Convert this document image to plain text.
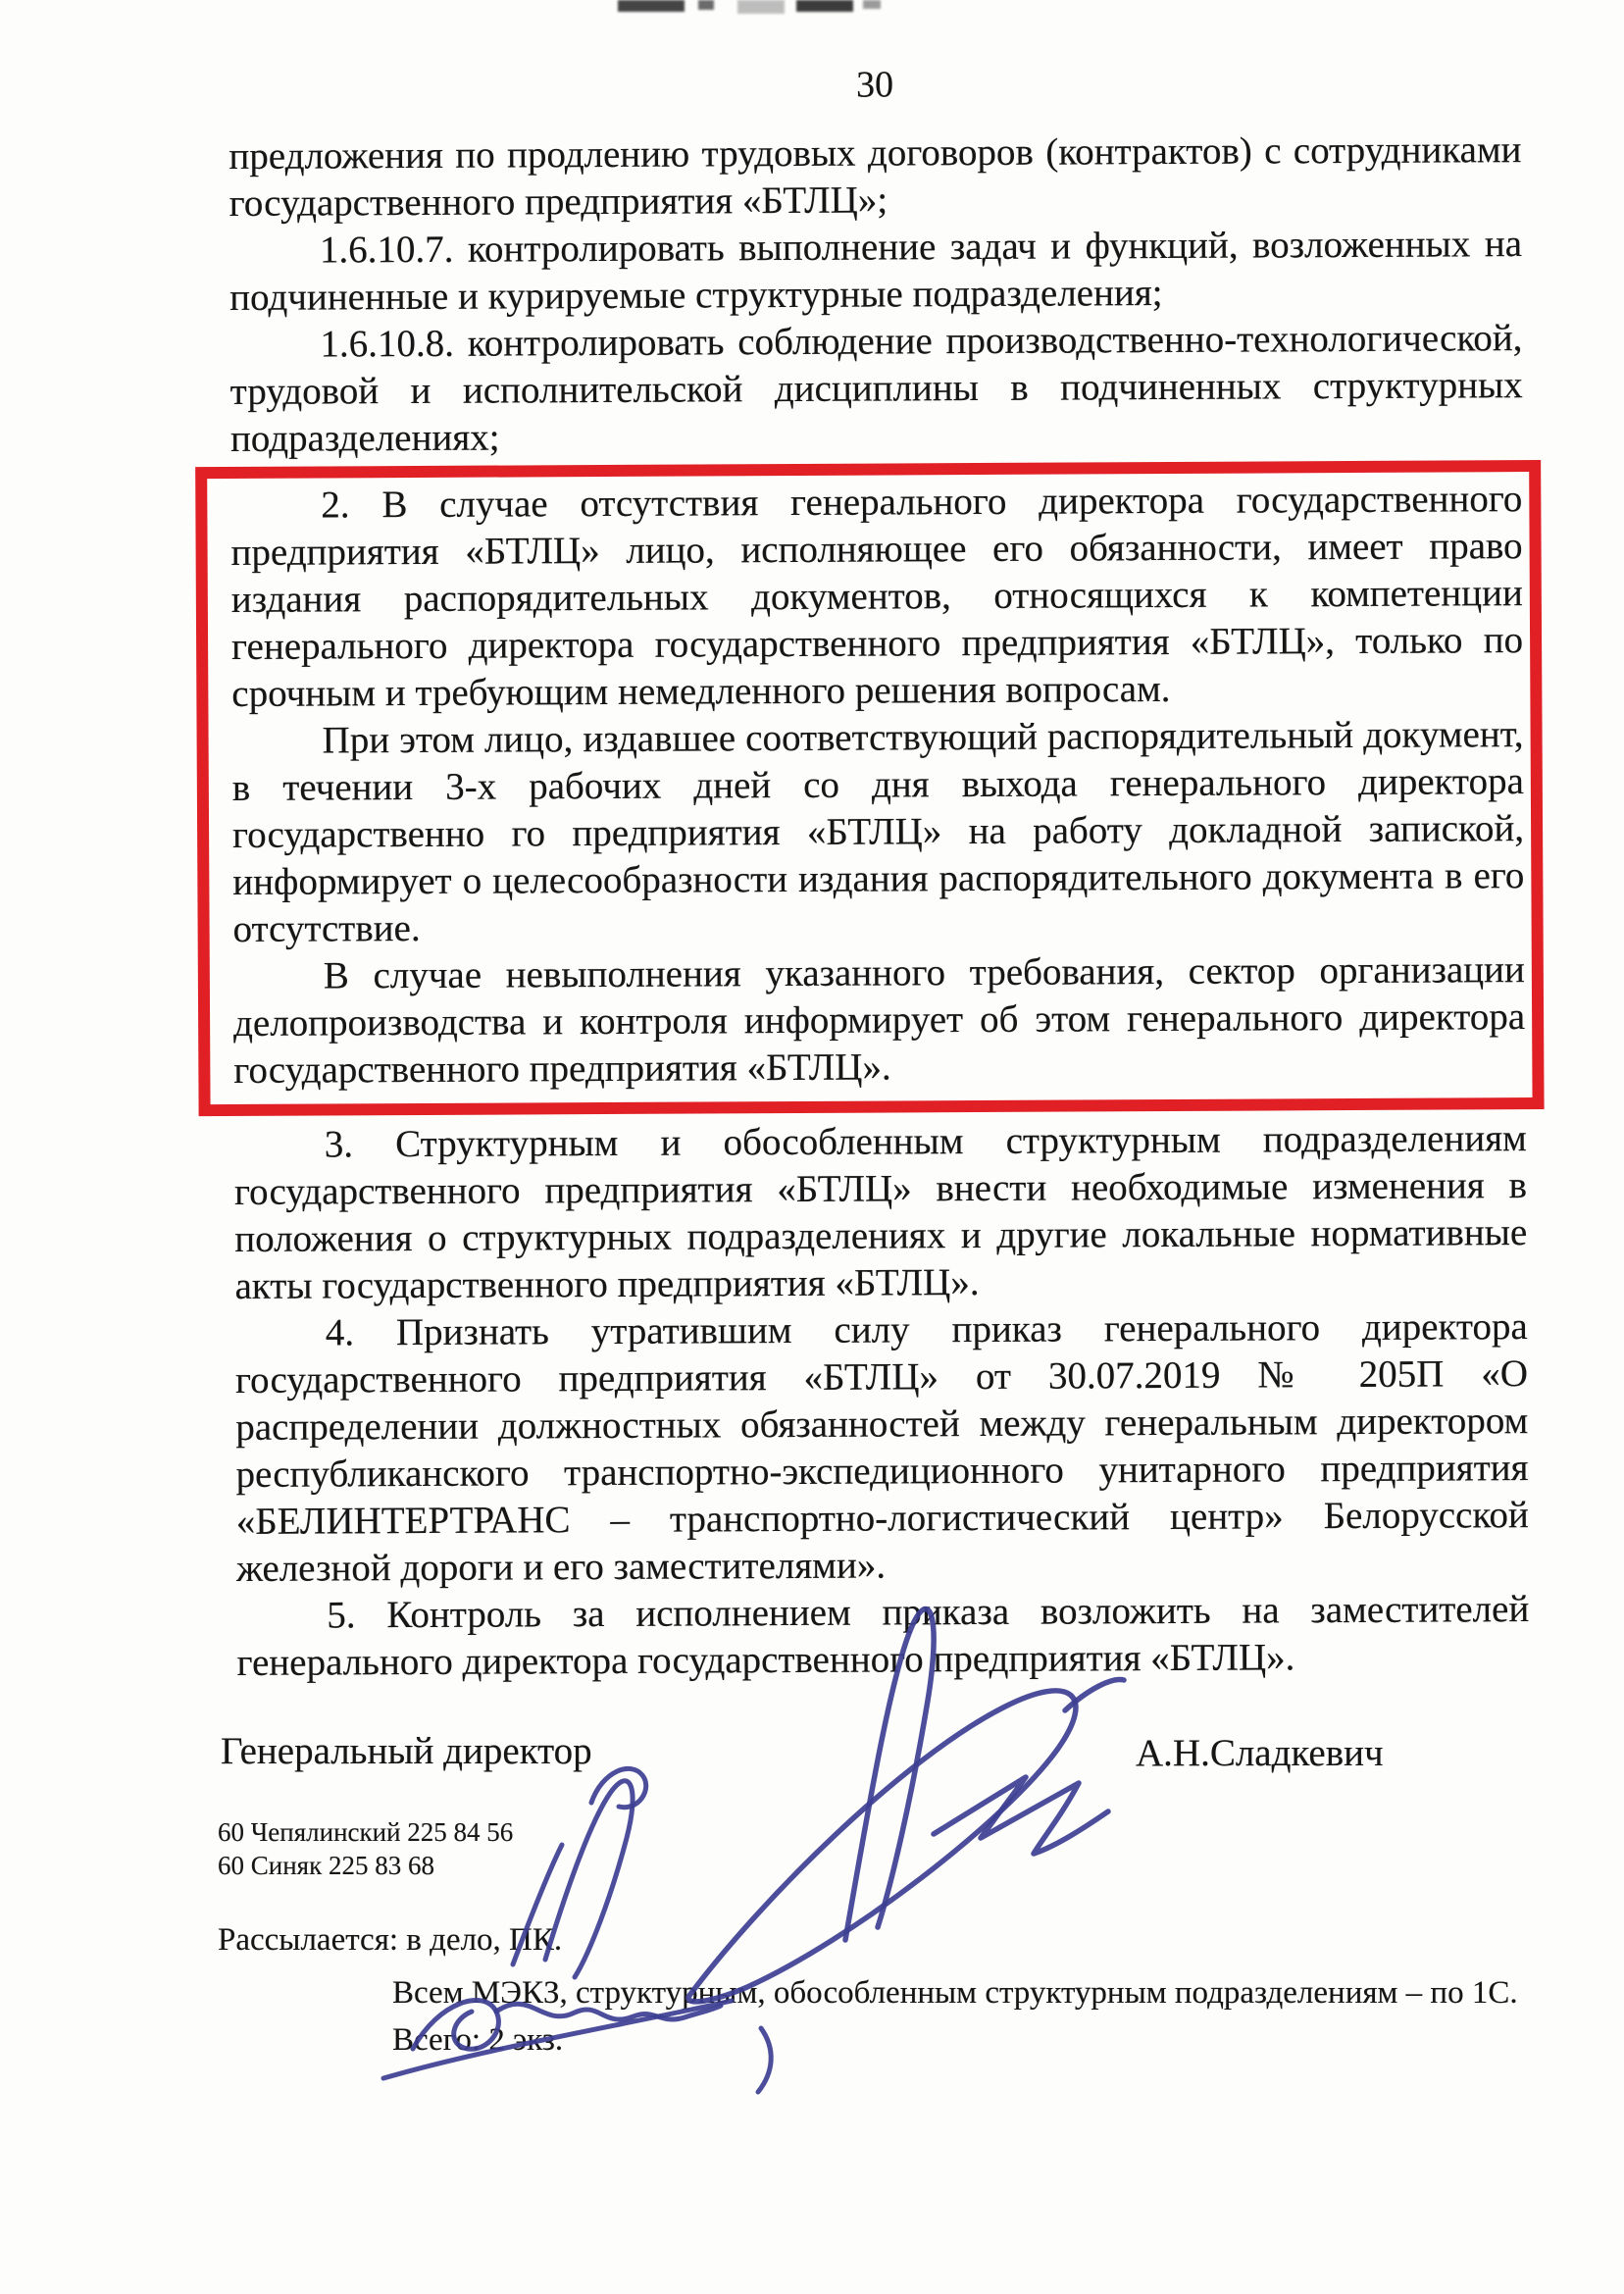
30

предложения по продлению трудовых договоров (контрактов) с сотрудниками государственного предприятия «БТЛЦ»;

1.6.10.7. контролировать выполнение задач и функций, возложенных на подчиненные и курируемые структурные подразделения;

1.6.10.8. контролировать соблюдение производственно-технологической, трудовой и исполнительской дисциплины в подчиненных структурных подразделениях;

2. В случае отсутствия генерального директора государственного предприятия «БТЛЦ» лицо, исполняющее его обязанности, имеет право издания распорядительных документов, относящихся к компетенции генерального директора государственного предприятия «БТЛЦ», только по срочным и требующим немедленного решения вопросам.

При этом лицо, издавшее соответствующий распорядительный документ, в течении 3-х рабочих дней со дня выхода генерального директора государственно го предприятия «БТЛЦ» на работу докладной запиской, информирует о целесообразности издания распорядительного документа в его отсутствие.

В случае невыполнения указанного требования, сектор организации делопроизводства и контроля информирует об этом генерального директора государственного предприятия «БТЛЦ».

3. Структурным и обособленным структурным подразделениям государственного предприятия «БТЛЦ» внести необходимые изменения в положения о структурных подразделениях и другие локальные нормативные акты государственного предприятия «БТЛЦ».

4. Признать утратившим силу приказ генерального директора государственного предприятия «БТЛЦ» от 30.07.2019 № 205П «О распределении должностных обязанностей между генеральным директором республиканского транспортно-экспедиционного унитарного предприятия «БЕЛИНТЕРТРАНС – транспортно-логистический центр» Белорусской железной дороги и его заместителями».

5. Контроль за исполнением приказа возложить на заместителей генерального директора государственного предприятия «БТЛЦ».

Генеральный директор	А.Н.Сладкевич
60 Чепялинский 225 84 56
60 Синяк 225 83 68
Рассылается: в дело, ПК.
Всем МЭКЗ, структурным, обособленным структурным подразделениям – по 1С.
Всего: 2 экз.
